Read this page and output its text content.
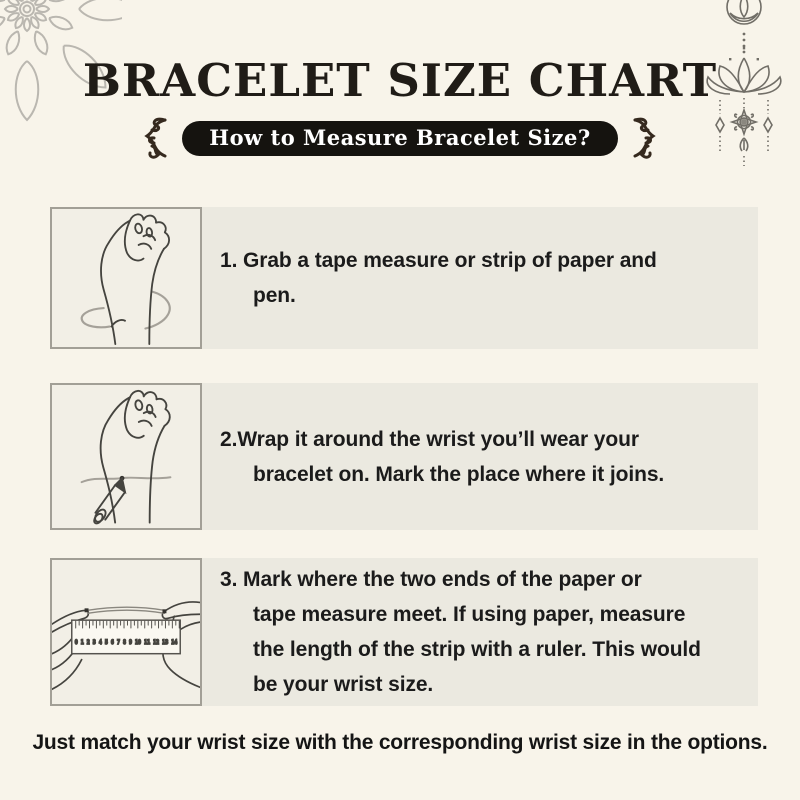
BRACELET SIZE CHART
How to Measure Bracelet Size?

1. Grab a tape measure or strip of paper and
pen.

2.Wrap it around the wrist you’ll wear your
bracelet on. Mark the place where it joins.

0 1 2 3 4 5 6 7 8 9 10 11 12 13 14

3. Mark where the two ends of the paper or
tape measure meet. If using paper, measure
the length of the strip with a ruler. This would
be your wrist size.

Just match your wrist size with the corresponding wrist size in the options.
